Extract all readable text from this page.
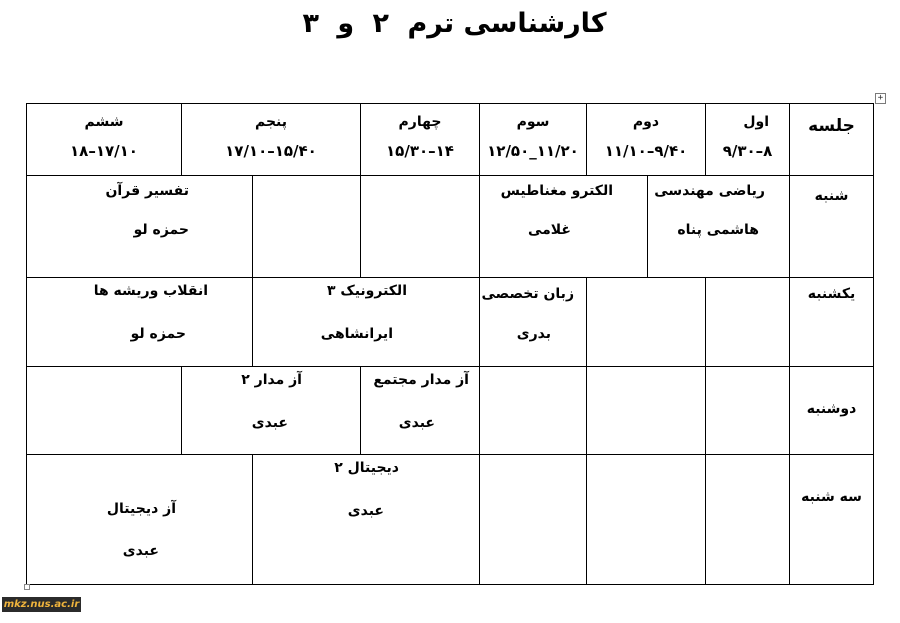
کارشناسی ترم ۲ و ۳
+
جلسه
اول
۹/۳۰–۸
دوم
۱۱/۱۰–۹/۴۰
سوم
۱۲/۵۰_۱۱/۲۰
چهارم
۱۵/۳۰–۱۴
پنجم
۱۷/۱۰–۱۵/۴۰
ششم
۱۸–۱۷/۱۰
شنبه
ریاضی مهندسی
هاشمی پناه
الکترو مغناطیس
غلامی
تفسیر قرآن
حمزه لو
یکشنبه
زبان تخصصی
بدری
الکترونیک ۳
ایرانشاهی
انقلاب وریشه ها
حمزه لو
دوشنبه
آز مدار مجتمع
عبدی
آز مدار ۲
عبدی
سه شنبه
دیجیتال ۲
عبدی
آز دیجیتال
عبدی
mkz.nus.ac.ir
